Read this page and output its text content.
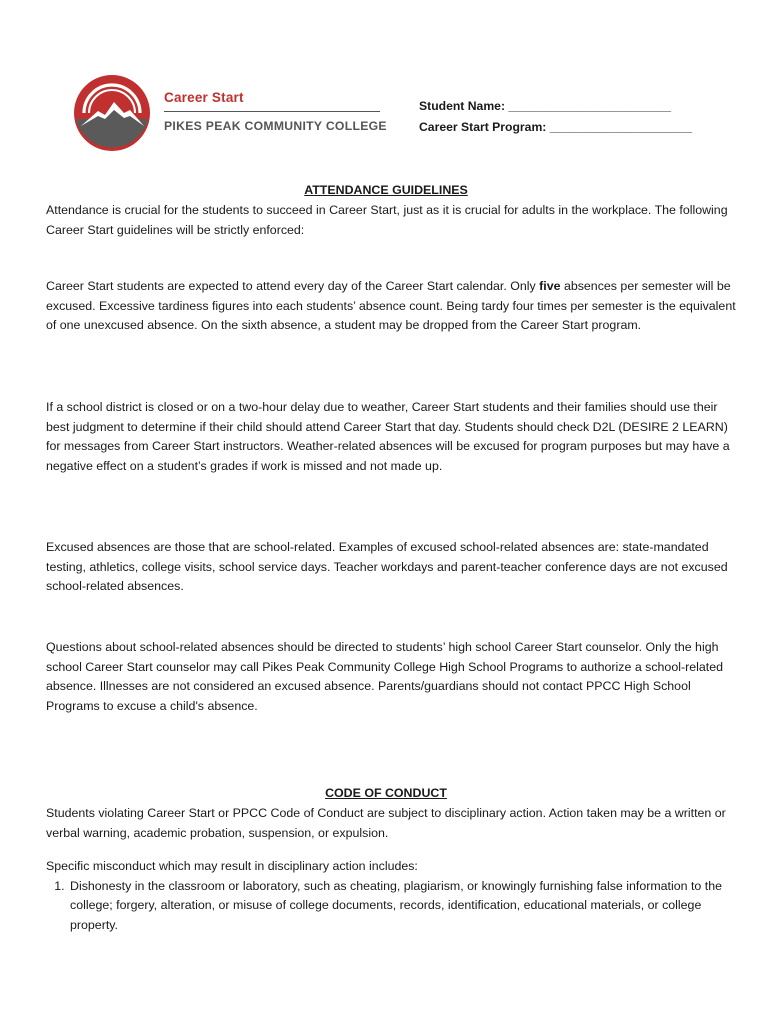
Career Start
PIKES PEAK COMMUNITY COLLEGE
Student Name: ________________________
Career Start Program: _____________________
ATTENDANCE GUIDELINES

Attendance is crucial for the students to succeed in Career Start, just as it is crucial for adults in the workplace. The following Career Start guidelines will be strictly enforced:

Career Start students are expected to attend every day of the Career Start calendar. Only five absences per semester will be excused. Excessive tardiness figures into each students’ absence count. Being tardy four times per semester is the equivalent of one unexcused absence. On the sixth absence, a student may be dropped from the Career Start program.

If a school district is closed or on a two-hour delay due to weather, Career Start students and their families should use their best judgment to determine if their child should attend Career Start that day. Students should check D2L (DESIRE 2 LEARN) for messages from Career Start instructors. Weather-related absences will be excused for program purposes but may have a negative effect on a student’s grades if work is missed and not made up.

Excused absences are those that are school-related. Examples of excused school-related absences are: state-mandated testing, athletics, college visits, school service days. Teacher workdays and parent-teacher conference days are not excused school-related absences.

Questions about school-related absences should be directed to students’ high school Career Start counselor. Only the high school Career Start counselor may call Pikes Peak Community College High School Programs to authorize a school-related absence. Illnesses are not considered an excused absence. Parents/guardians should not contact PPCC High School Programs to excuse a child's absence.

CODE OF CONDUCT

Students violating Career Start or PPCC Code of Conduct are subject to disciplinary action. Action taken may be a written or verbal warning, academic probation, suspension, or expulsion.

Specific misconduct which may result in disciplinary action includes:

1. Dishonesty in the classroom or laboratory, such as cheating, plagiarism, or knowingly furnishing false information to the college; forgery, alteration, or misuse of college documents, records, identification, educational materials, or college property.
